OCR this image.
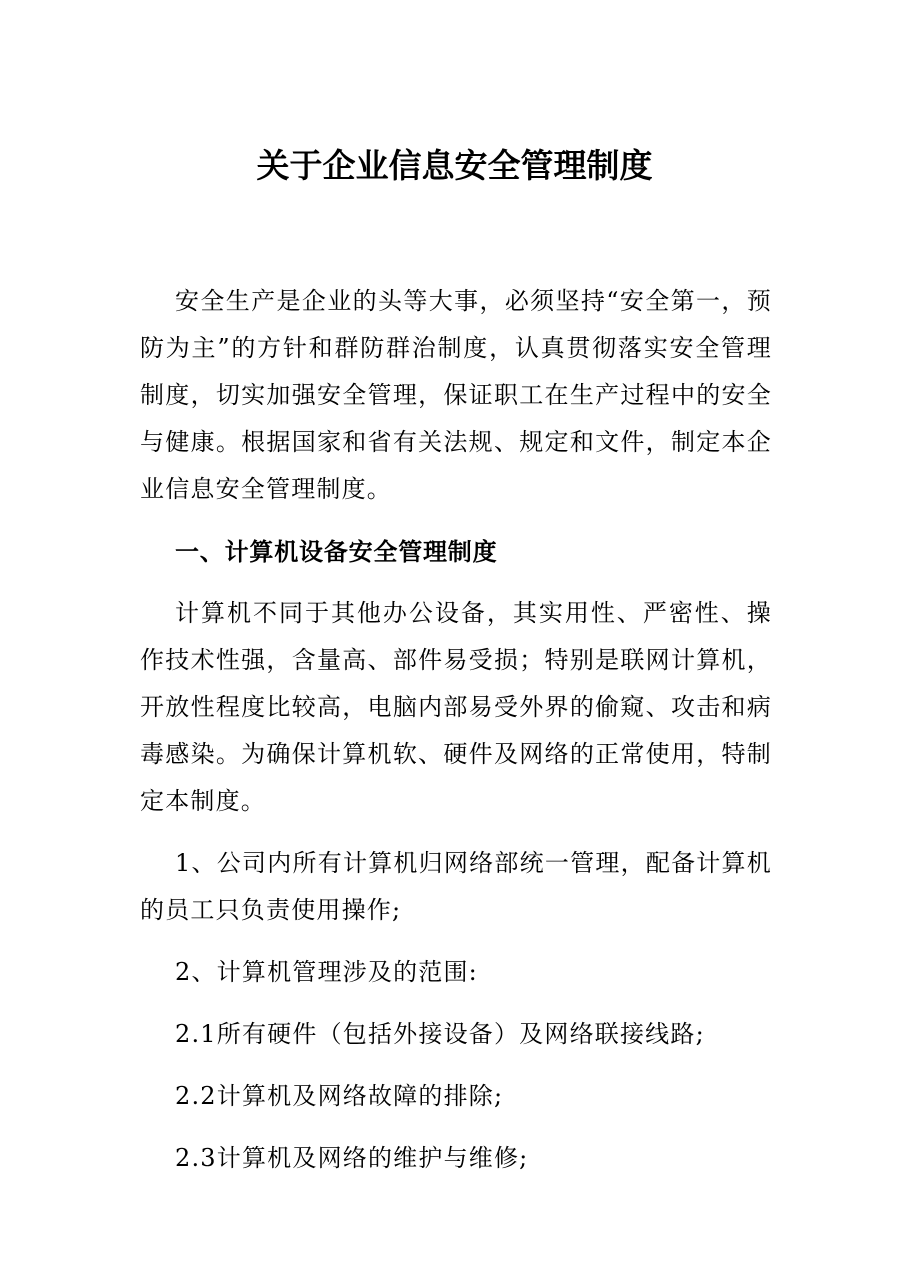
关于企业信息安全管理制度

安全生产是企业的头等大事，必须坚持“安全第一，预防为主”的方针和群防群治制度，认真贯彻落实安全管理制度，切实加强安全管理，保证职工在生产过程中的安全与健康。根据国家和省有关法规、规定和文件，制定本企业信息安全管理制度。

一、计算机设备安全管理制度

计算机不同于其他办公设备，其实用性、严密性、操作技术性强，含量高、部件易受损；特别是联网计算机，开放性程度比较高，电脑内部易受外界的偷窥、攻击和病毒感染。为确保计算机软、硬件及网络的正常使用，特制定本制度。

1、公司内所有计算机归网络部统一管理，配备计算机的员工只负责使用操作;

2、计算机管理涉及的范围:

2.1所有硬件（包括外接设备）及网络联接线路;

2.2计算机及网络故障的排除;

2.3计算机及网络的维护与维修;
